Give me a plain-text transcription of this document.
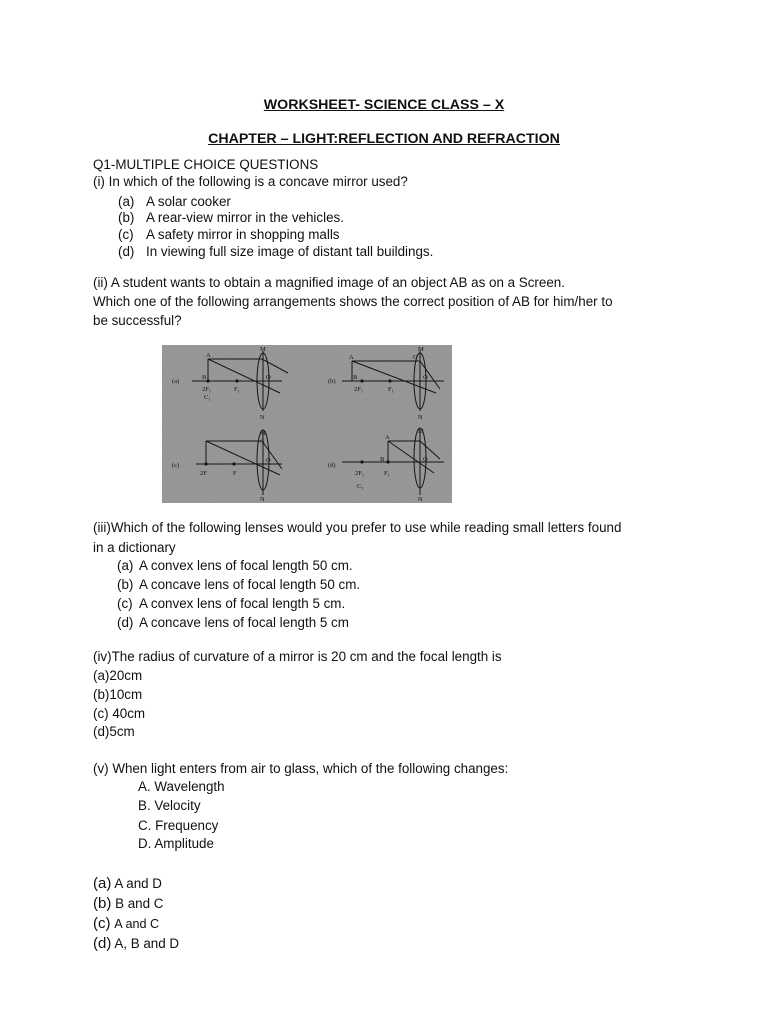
WORKSHEET- SCIENCE CLASS – X
CHAPTER – LIGHT:REFLECTION AND REFRACTION
Q1-MULTIPLE CHOICE QUESTIONS
(i) In which of the following is a concave mirror used?
(a) A solar cooker
(b) A rear-view mirror in the vehicles.
(c) A safety mirror in shopping malls
(d) In viewing full size image of distant tall buildings.
(ii) A student wants to obtain a magnified image of an object AB as on a Screen.
Which one of the following arrangements shows the correct position of AB for him/her to
be successful?
(a)
A
B
2F₁
C₁
F₁
M
O
N
(b)
A
B
2F₁	F₁
M
C
O
N
(c)
2F	F
M
A
O
N
(d)
A
B
2F₁
C₁
F₁
M
O
N
(iii)Which of the following lenses would you prefer to use while reading small letters found
in a dictionary
(a) A convex lens of focal length 50 cm.
(b) A concave lens of focal length 50 cm.
(c) A convex lens of focal length 5 cm.
(d) A concave lens of focal length 5 cm
(iv)The radius of curvature of a mirror is 20 cm and the focal length is
(a)20cm
(b)10cm
(c) 40cm
(d)5cm
(v) When light enters from air to glass, which of the following changes:
A. Wavelength
B. Velocity
C. Frequency
D. Amplitude
(a) A and D
(b) B and C
(c) A and C
(d) A, B and D
